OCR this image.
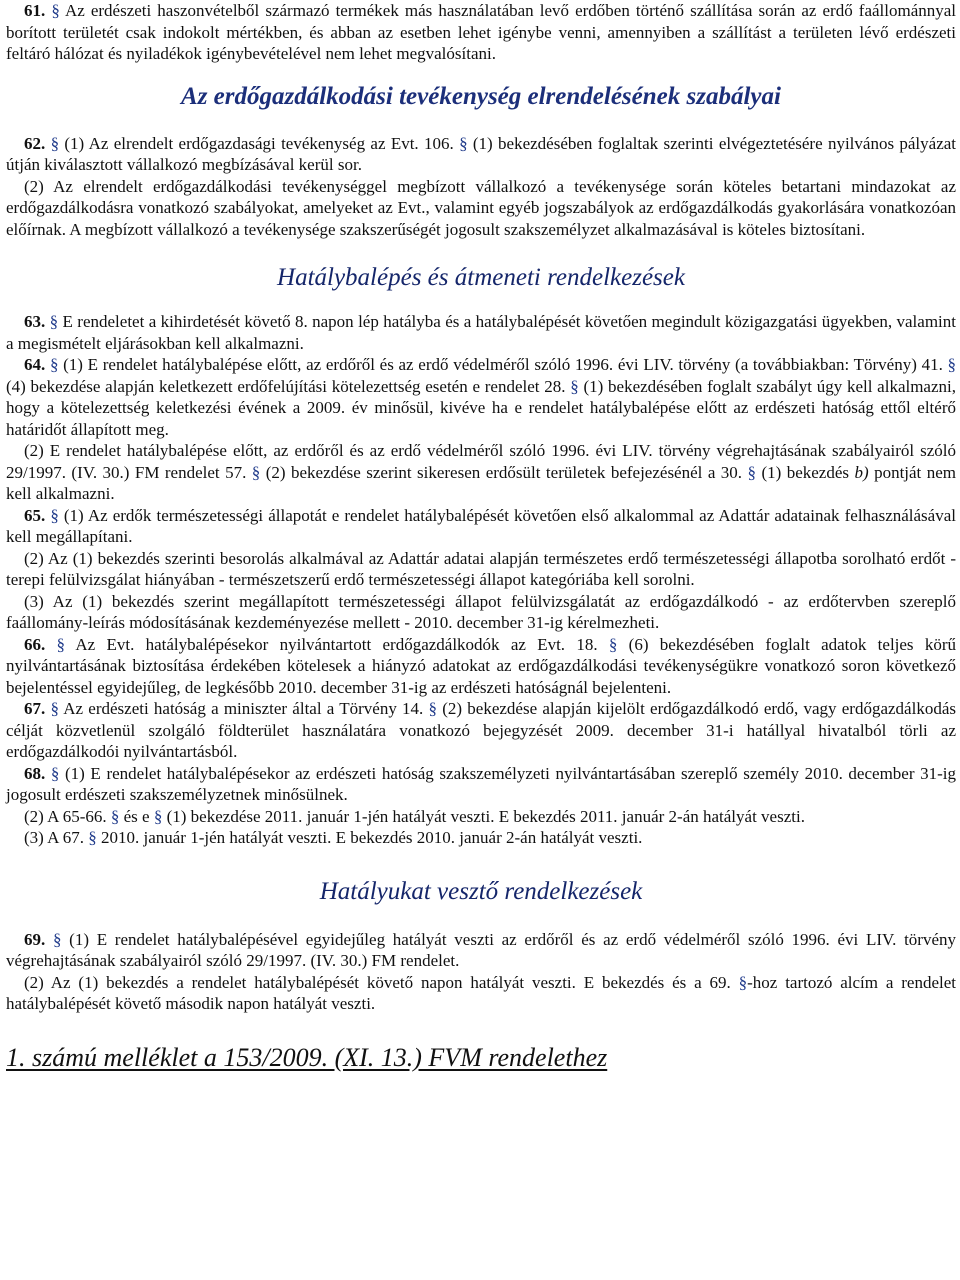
61. § Az erdészeti haszonvételből származó termékek más használatában levő erdőben történő szállítása során az erdő faállománnyal borított területét csak indokolt mértékben, és abban az esetben lehet igénybe venni, amennyiben a szállítást a területen lévő erdészeti feltáró hálózat és nyiladékok igénybevételével nem lehet megvalósítani.

Az erdőgazdálkodási tevékenység elrendelésének szabályai

62. § (1) Az elrendelt erdőgazdasági tevékenység az Evt. 106. § (1) bekezdésében foglaltak szerinti elvégeztetésére nyilvános pályázat útján kiválasztott vállalkozó megbízásával kerül sor.

(2) Az elrendelt erdőgazdálkodási tevékenységgel megbízott vállalkozó a tevékenysége során köteles betartani mindazokat az erdőgazdálkodásra vonatkozó szabályokat, amelyeket az Evt., valamint egyéb jogszabályok az erdőgazdálkodás gyakorlására vonatkozóan előírnak. A megbízott vállalkozó a tevékenysége szakszerűségét jogosult szakszemélyzet alkalmazásával is köteles biztosítani.

Hatálybalépés és átmeneti rendelkezések

63. § E rendeletet a kihirdetését követő 8. napon lép hatályba és a hatálybalépését követően megindult közigazgatási ügyekben, valamint a megismételt eljárásokban kell alkalmazni.

64. § (1) E rendelet hatálybalépése előtt, az erdőről és az erdő védelméről szóló 1996. évi LIV. törvény (a továbbiakban: Törvény) 41. § (4) bekezdése alapján keletkezett erdőfelújítási kötelezettség esetén e rendelet 28. § (1) bekezdésében foglalt szabályt úgy kell alkalmazni, hogy a kötelezettség keletkezési évének a 2009. év minősül, kivéve ha e rendelet hatálybalépése előtt az erdészeti hatóság ettől eltérő határidőt állapított meg.

(2) E rendelet hatálybalépése előtt, az erdőről és az erdő védelméről szóló 1996. évi LIV. törvény végrehajtásának szabályairól szóló 29/1997. (IV. 30.) FM rendelet 57. § (2) bekezdése szerint sikeresen erdősült területek befejezésénél a 30. § (1) bekezdés b) pontját nem kell alkalmazni.

65. § (1) Az erdők természetességi állapotát e rendelet hatálybalépését követően első alkalommal az Adattár adatainak felhasználásával kell megállapítani.

(2) Az (1) bekezdés szerinti besorolás alkalmával az Adattár adatai alapján természetes erdő természetességi állapotba sorolható erdőt - terepi felülvizsgálat hiányában - természetszerű erdő természetességi állapot kategóriába kell sorolni.

(3) Az (1) bekezdés szerint megállapított természetességi állapot felülvizsgálatát az erdőgazdálkodó - az erdőtervben szereplő faállomány-leírás módosításának kezdeményezése mellett - 2010. december 31-ig kérelmezheti.

66. § Az Evt. hatálybalépésekor nyilvántartott erdőgazdálkodók az Evt. 18. § (6) bekezdésében foglalt adatok teljes körű nyilvántartásának biztosítása érdekében kötelesek a hiányzó adatokat az erdőgazdálkodási tevékenységükre vonatkozó soron következő bejelentéssel egyidejűleg, de legkésőbb 2010. december 31-ig az erdészeti hatóságnál bejelenteni.

67. § Az erdészeti hatóság a miniszter által a Törvény 14. § (2) bekezdése alapján kijelölt erdőgazdálkodó erdő, vagy erdőgazdálkodás célját közvetlenül szolgáló földterület használatára vonatkozó bejegyzését 2009. december 31-i hatállyal hivatalból törli az erdőgazdálkodói nyilvántartásból.

68. § (1) E rendelet hatálybalépésekor az erdészeti hatóság szakszemélyzeti nyilvántartásában szereplő személy 2010. december 31-ig jogosult erdészeti szakszemélyzetnek minősülnek.

(2) A 65-66. § és e § (1) bekezdése 2011. január 1-jén hatályát veszti. E bekezdés 2011. január 2-án hatályát veszti.

(3) A 67. § 2010. január 1-jén hatályát veszti. E bekezdés 2010. január 2-án hatályát veszti.

Hatályukat vesztő rendelkezések

69. § (1) E rendelet hatálybalépésével egyidejűleg hatályát veszti az erdőről és az erdő védelméről szóló 1996. évi LIV. törvény végrehajtásának szabályairól szóló 29/1997. (IV. 30.) FM rendelet.

(2) Az (1) bekezdés a rendelet hatálybalépését követő napon hatályát veszti. E bekezdés és a 69. §-hoz tartozó alcím a rendelet hatálybalépését követő második napon hatályát veszti.

1. számú melléklet a 153/2009. (XI. 13.) FVM rendelethez
